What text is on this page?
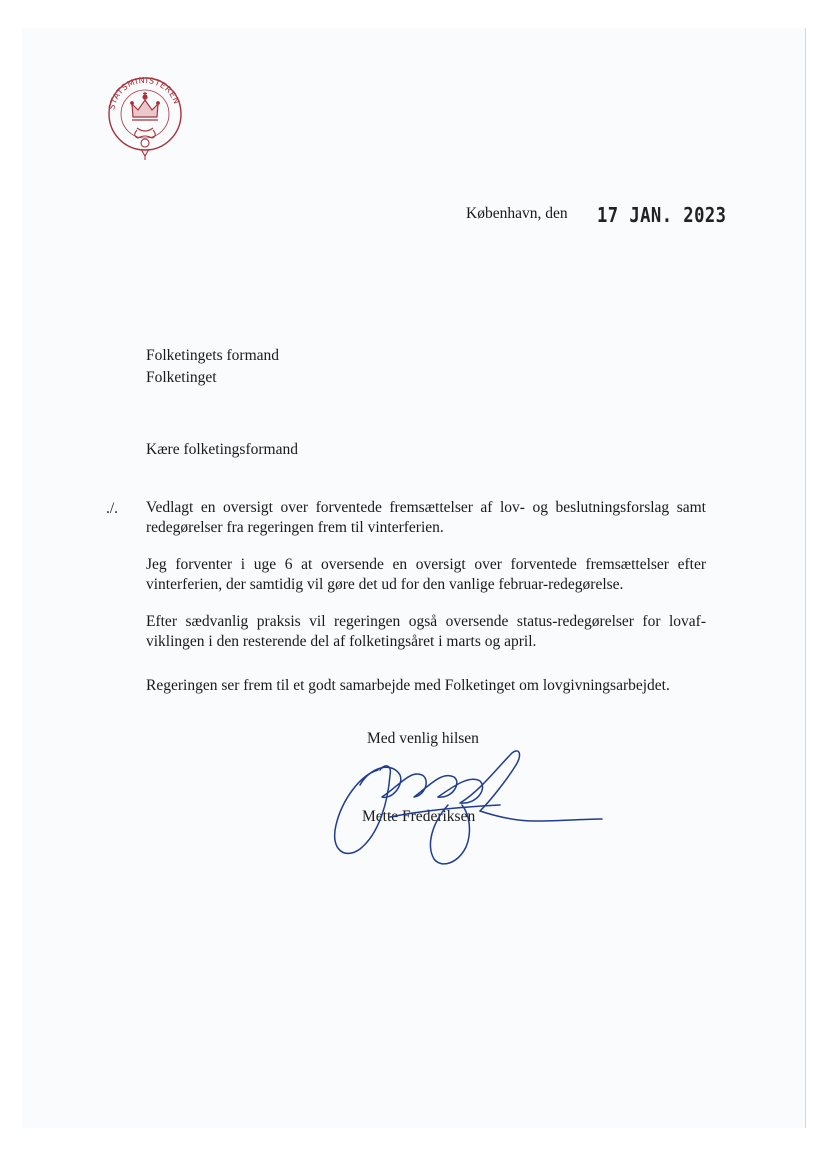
STATSMINISTEREN
København, den 17 JAN. 2023
Folketingets formand
Folketinget
Kære folketingsformand
./. Vedlagt en oversigt over forventede fremsættelser af lov- og beslutningsforslag samt redegørelser fra regeringen frem til vinterferien.

Jeg forventer i uge 6 at oversende en oversigt over forventede fremsættelser efter vinterferien, der samtidig vil gøre det ud for den vanlige februar-redegørelse.

Efter sædvanlig praksis vil regeringen også oversende status-redegørelser for lovaf-viklingen i den resterende del af folketingsåret i marts og april.

Regeringen ser frem til et godt samarbejde med Folketinget om lovgivningsarbejdet.

Med venlig hilsen
Mette Frederiksen
